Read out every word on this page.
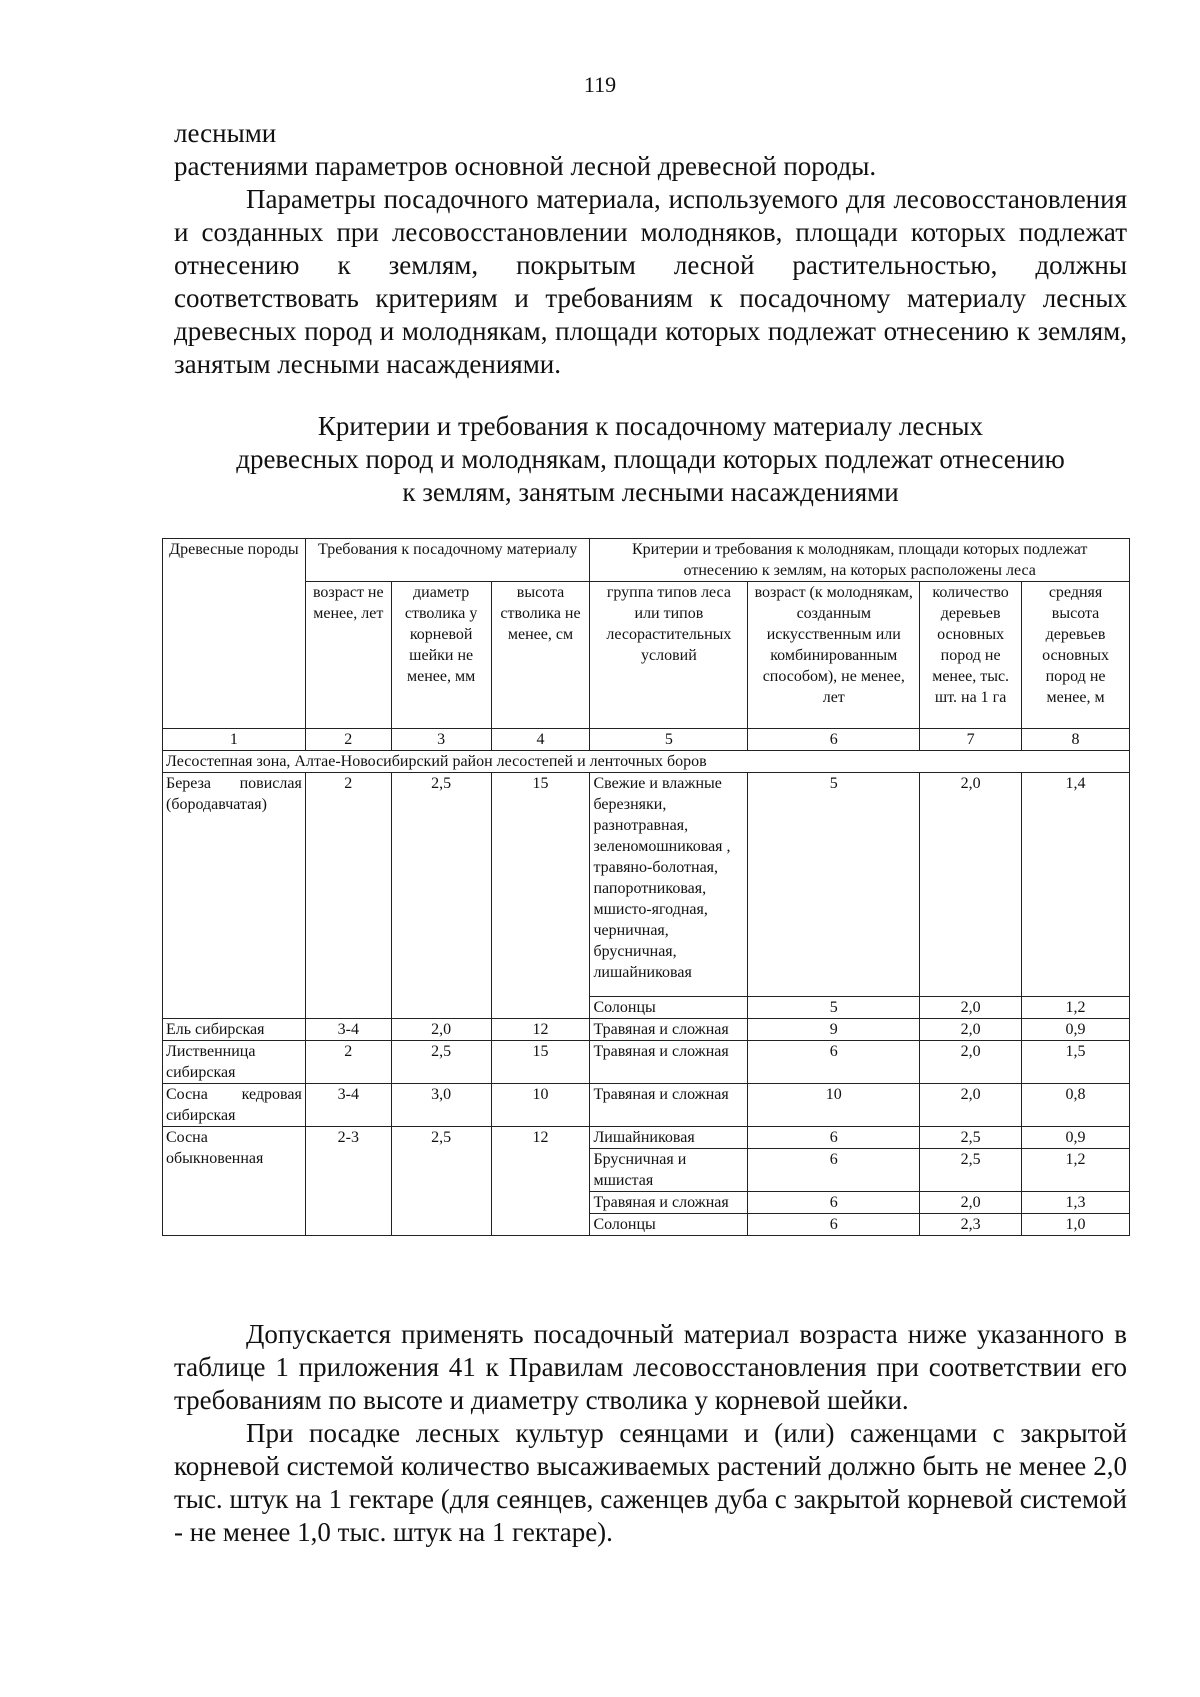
119

лесными

растениями параметров основной лесной древесной породы.

Параметры посадочного материала, используемого для лесовосстановления и созданных при лесовосстановлении молодняков, площади которых подлежат отнесению к землям, покрытым лесной растительностью, должны соответствовать критериям и требованиям к посадочному материалу лесных древесных пород и молоднякам, площади которых подлежат отнесению к землям, занятым лесными насаждениями.

Критерии и требования к посадочному материалу лесных
древесных пород и молоднякам, площади которых подлежат отнесению
к землям, занятым лесными насаждениями
Древесные породы	Требования к посадочному материалу			Критерии и требования к молоднякам, площади которых подлежат отнесению к землям, на которых расположены леса			
	возраст не менее, лет	диаметр стволика у корневой шейки не менее, мм	высота стволика не менее, см	группа типов леса или типов лесорастительных условий	возраст (к молоднякам, созданным искусственным или комбинированным способом), не менее, лет	количество деревьев основных пород не менее, тыс. шт. на 1 га	средняя высота деревьев основных пород не менее, м
1	2	3	4	5	6	7	8
Лесостепная зона, Алтае-Новосибирский район лесостепей и ленточных боров							

Береза повислая
(бородавчатая)	2	2,5	15	Свежие и влажные березняки, разнотравная, зеленомошниковая , травяно-болотная, папоротниковая, мшисто-ягодная, черничная, брусничная, лишайниковая	5	2,0	1,4
				Солонцы	5	2,0	1,2
Ель сибирская	3-4	2,0	12	Травяная и сложная	9	2,0	0,9

Лиственница
сибирская	2	2,5	15	Травяная и сложная	6	2,0	1,5

Сосна кедровая
сибирская	3-4	3,0	10	Травяная и сложная	10	2,0	0,8

Сосна
обыкновенная	2-3	2,5	12	Лишайниковая	6	2,5	0,9
				Брусничная и мшистая	6	2,5	1,2
				Травяная и сложная	6	2,0	1,3
				Солонцы	6	2,3	1,0

Допускается применять посадочный материал возраста ниже указанного в таблице 1 приложения 41 к Правилам лесовосстановления при соответствии его требованиям по высоте и диаметру стволика у корневой шейки.

При посадке лесных культур сеянцами и (или) саженцами с закрытой корневой системой количество высаживаемых растений должно быть не менее 2,0 тыс. штук на 1 гектаре (для сеянцев, саженцев дуба с закрытой корневой системой - не менее 1,0 тыс. штук на 1 гектаре).
